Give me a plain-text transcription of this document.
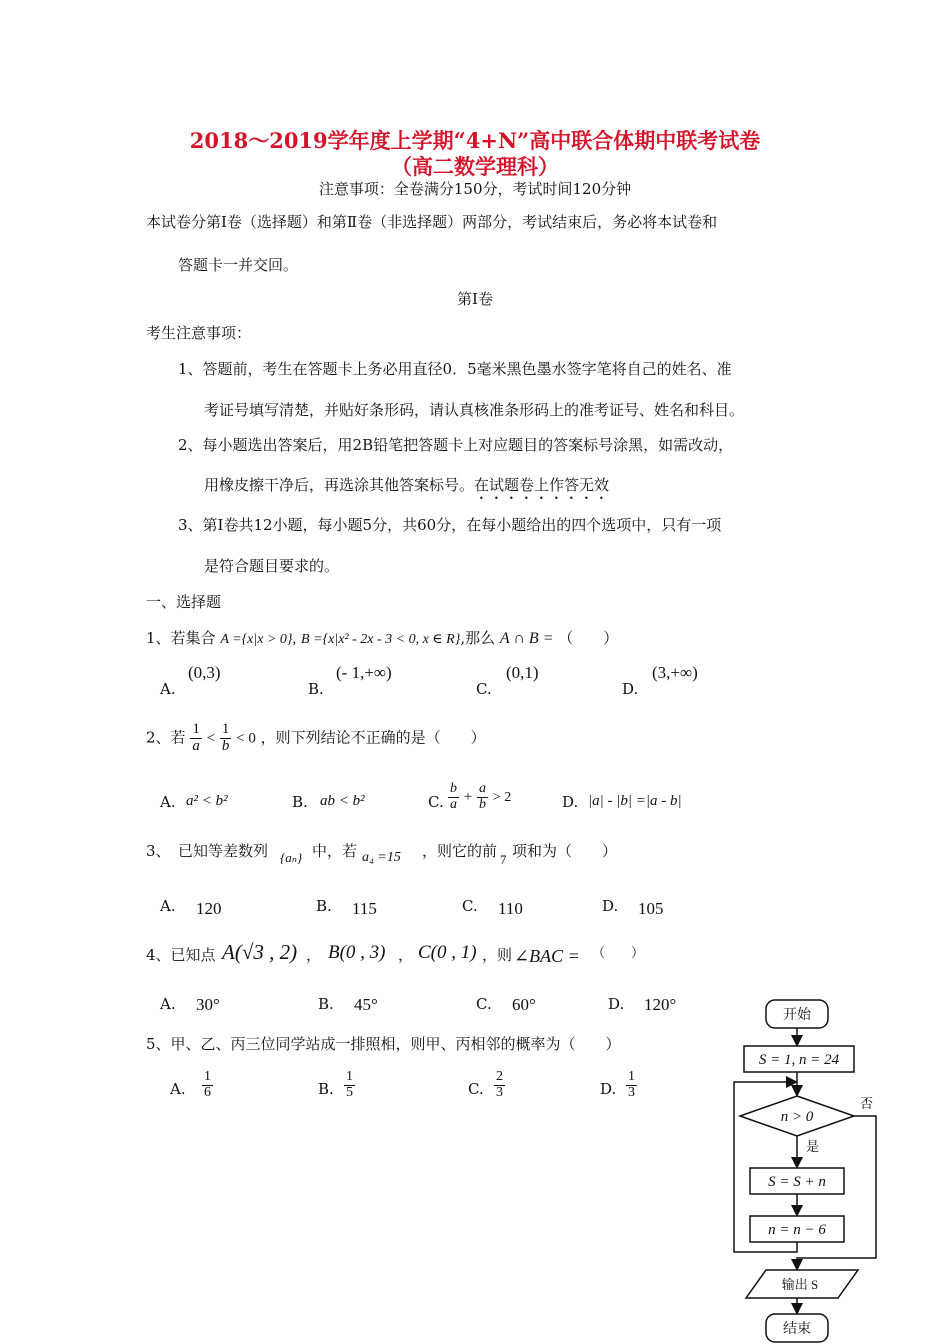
2018～2019学年度上学期“4+N”高中联合体期中联考试卷
（高二数学理科）
注意事项：全卷满分150分，考试时间120分钟
本试卷分第Ⅰ卷（选择题）和第Ⅱ卷（非选择题）两部分，考试结束后，务必将本试卷和
答题卡一并交回。
第Ⅰ卷
考生注意事项：
1、答题前，考生在答题卡上务必用直径0．5毫米黑色墨水签字笔将自己的姓名、准
考证号填写清楚，并贴好条形码，请认真核准条形码上的准考证号、姓名和科目。
2、每小题选出答案后，用2B铅笔把答题卡上对应题目的答案标号涂黑，如需改动，
用橡皮擦干净后，再选涂其他答案标号。在试题卷上作答无效
3、第Ⅰ卷共12小题，每小题5分，共60分，在每小题给出的四个选项中，只有一项
是符合题目要求的。
一、选择题
1、若集合 A ={x|x > 0}, B ={x|x² - 2x - 3 < 0, x ∈ R},那么 A ∩ B = （　　）
A.
(0,3)
B.
(- 1,+∞)
C.
(0,1)
D.
(3,+∞)
2、若 $\frac{1}{a} < \frac{1}{b} < 0$ ，则下列结论不正确的是（　　）
A. a² < b²	B. ab < b²	C. $\frac{b}{a} + \frac{a}{b} > 2$	D. |a| - |b| =|a - b|
3、　已知等差数列 {aₙ} 中，若 a₄ =15 ，则它的前 7 项和为（　　）
A. 120	B. 115	C. 110	D. 105
4、已知点 A(√3 , 2) ， B(0 , 3) ， C(0 , 1) ，则 ∠BAC = （　　）
A. 30°	B. 45°	C. 60°	D. 120°
5、甲、乙、丙三位同学站成一排照相，则甲、丙相邻的概率为（　　）
A. $\frac{1}{6}$	B. $\frac{1}{5}$	C. $\frac{2}{3}$	D. $\frac{1}{3}$
开始
S = 1, n = 24
n > 0
是
否
S = S + n
n = n − 6
输出 S
结束
